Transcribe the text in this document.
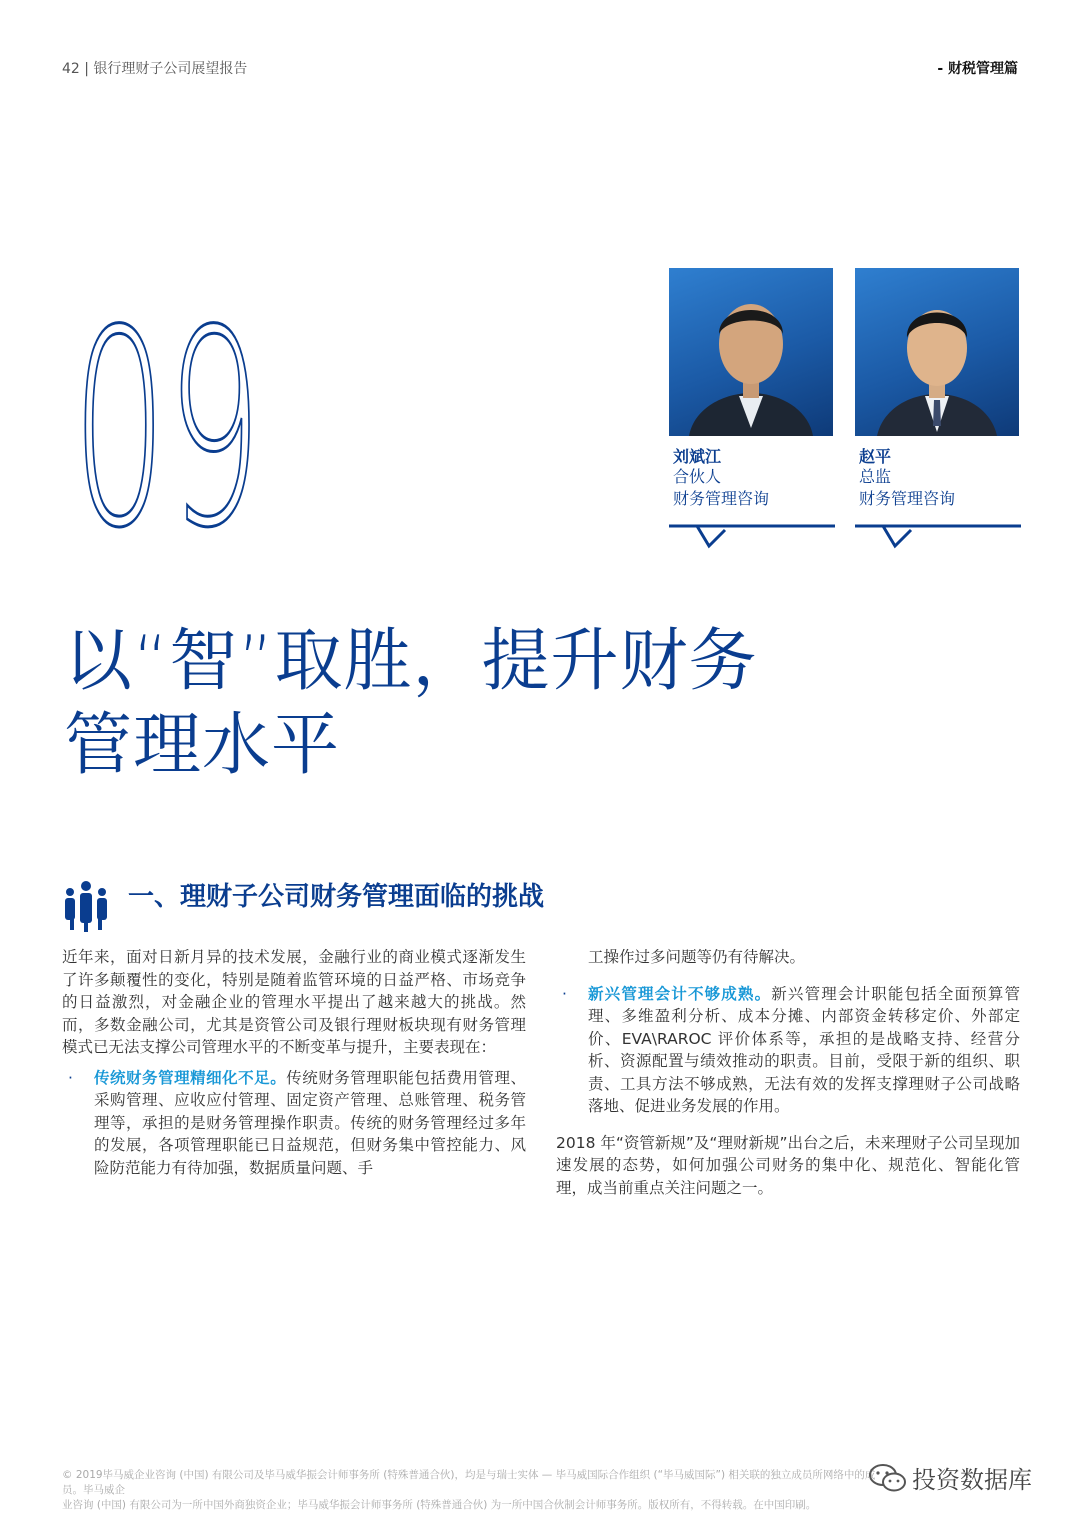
42 | 银行理财子公司展望报告	- 财税管理篇
09	刘斌江
合伙人
财务管理咨询
赵平
总监
财务管理咨询
以“智”取胜，提升财务
管理水平
一、理财子公司财务管理面临的挑战
近年来，面对日新月异的技术发展，金融行业的商业模式逐渐发生了许多颠覆性的变化，特别是随着监管环境的日益严格、市场竞争的日益激烈，对金融企业的管理水平提出了越来越大的挑战。然而，多数金融公司，尤其是资管公司及银行理财板块现有财务管理模式已无法支撑公司管理水平的不断变革与提升，主要表现在：
· 传统财务管理精细化不足。传统财务管理职能包括费用管理、采购管理、应收应付管理、固定资产管理、总账管理、税务管理等，承担的是财务管理操作职责。传统的财务管理经过多年的发展，各项管理职能已日益规范，但财务集中管控能力、风险防范能力有待加强，数据质量问题、手
工操作过多问题等仍有待解决。
· 新兴管理会计不够成熟。新兴管理会计职能包括全面预算管理、多维盈利分析、成本分摊、内部资金转移定价、外部定价、EVA\RAROC 评价体系等，承担的是战略支持、经营分析、资源配置与绩效推动的职责。目前，受限于新的组织、职责、工具方法不够成熟，无法有效的发挥支撑理财子公司战略落地、促进业务发展的作用。
2018 年“资管新规”及“理财新规”出台之后，未来理财子公司呈现加速发展的态势，如何加强公司财务的集中化、规范化、智能化管理，成当前重点关注问题之一。
© 2019毕马威企业咨询 (中国) 有限公司及毕马威华振会计师事务所 (特殊普通合伙)，均是与瑞士实体 — 毕马威国际合作组织 (“毕马威国际”) 相关联的独立成员所网络中的成员。毕马威企
业咨询 (中国) 有限公司为一所中国外商独资企业；毕马威华振会计师事务所 (特殊普通合伙) 为一所中国合伙制会计师事务所。版权所有，不得转载。在中国印刷。
投资数据库
